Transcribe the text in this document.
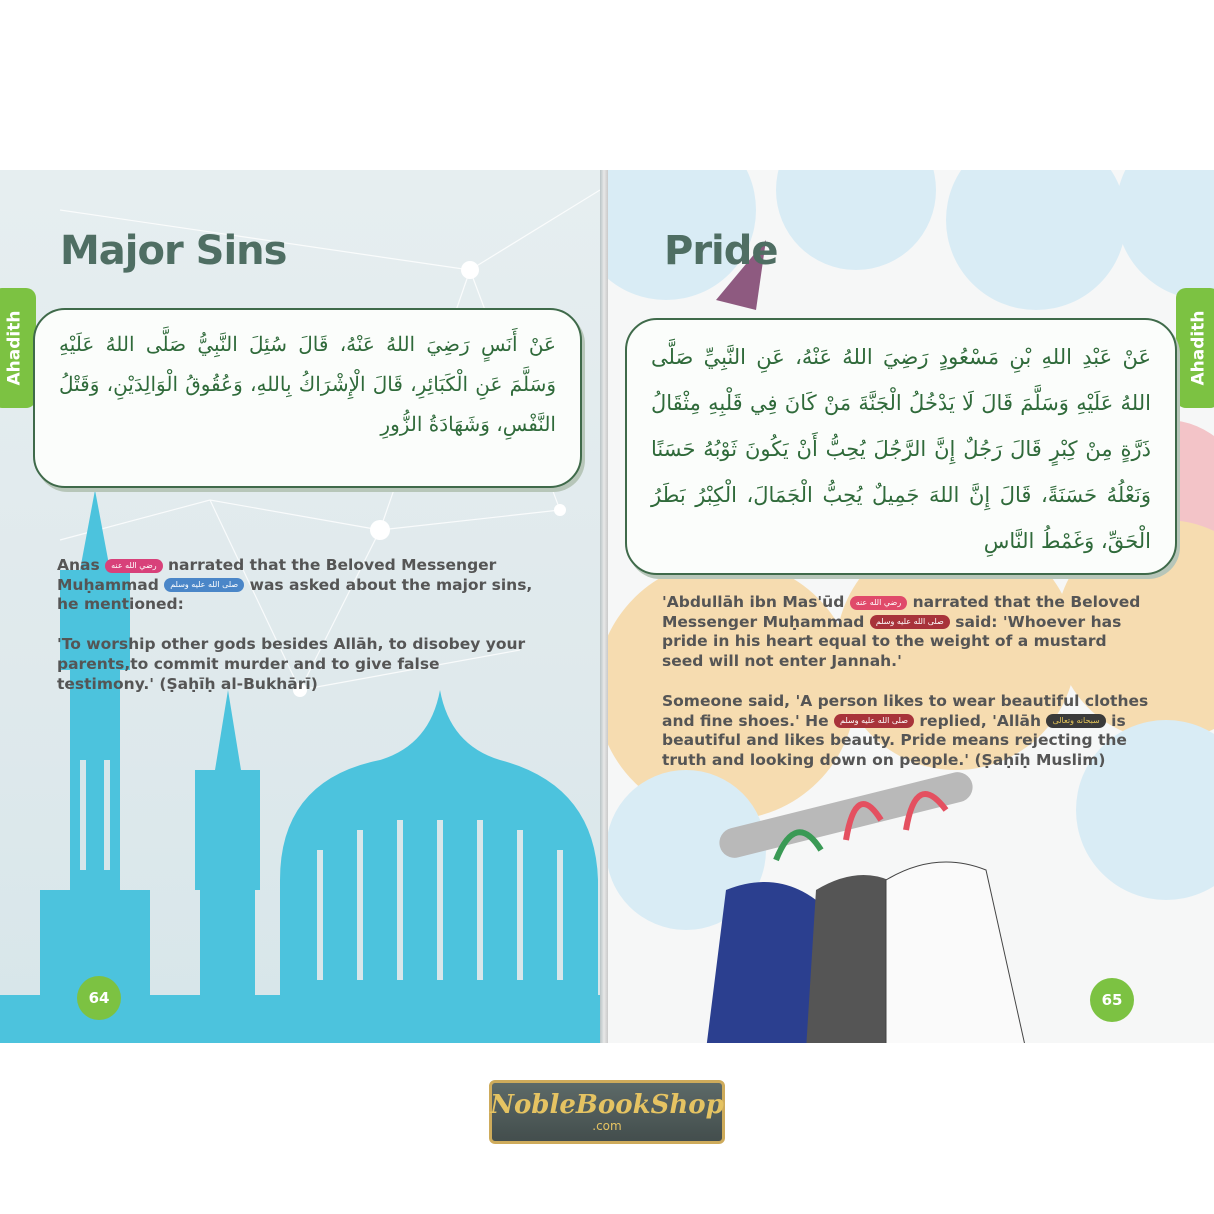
Major Sins
Ahadith	عَنْ أَنَسٍ رَضِيَ اللهُ عَنْهُ، قَالَ سُئِلَ النَّبِيُّ صَلَّى اللهُ عَلَيْهِ وَسَلَّمَ عَنِ الْكَبَائِرِ، قَالَ الْإِشْرَاكُ بِاللهِ، وَعُقُوقُ الْوَالِدَيْنِ، وَقَتْلُ النَّفْسِ، وَشَهَادَةُ الزُّورِ
Anas رضي الله عنه narrated that the Beloved Messenger Muḥammad صلى الله عليه وسلم was asked about the major sins, he mentioned:
'To worship other gods besides Allāh, to disobey your parents,to commit murder and to give false testimony.' (Ṣaḥīḥ al-Bukhārī)
64
Pride
Ahadith
عَنْ عَبْدِ اللهِ بْنِ مَسْعُودٍ رَضِيَ اللهُ عَنْهُ، عَنِ النَّبِيِّ صَلَّى اللهُ عَلَيْهِ وَسَلَّمَ قَالَ لَا يَدْخُلُ الْجَنَّةَ مَنْ كَانَ فِي قَلْبِهِ مِثْقَالُ ذَرَّةٍ مِنْ كِبْرٍ قَالَ رَجُلٌ إِنَّ الرَّجُلَ يُحِبُّ أَنْ يَكُونَ ثَوْبُهُ حَسَنًا وَنَعْلُهُ حَسَنَةً، قَالَ إِنَّ اللهَ جَمِيلٌ يُحِبُّ الْجَمَالَ، الْكِبْرُ بَطَرُ الْحَقِّ، وَغَمْطُ النَّاسِ
'Abdullāh ibn Mas'ūd رضي الله عنه narrated that the Beloved Messenger Muḥammad صلى الله عليه وسلم said: 'Whoever has pride in his heart equal to the weight of a mustard seed will not enter Jannah.'
Someone said, 'A person likes to wear beautiful clothes and fine shoes.' He صلى الله عليه وسلم replied, 'Allāh سبحانه وتعالى is beautiful and likes beauty. Pride means rejecting the truth and looking down on people.' (Ṣaḥīḥ Muslim)
65
NobleBookShop
.com
